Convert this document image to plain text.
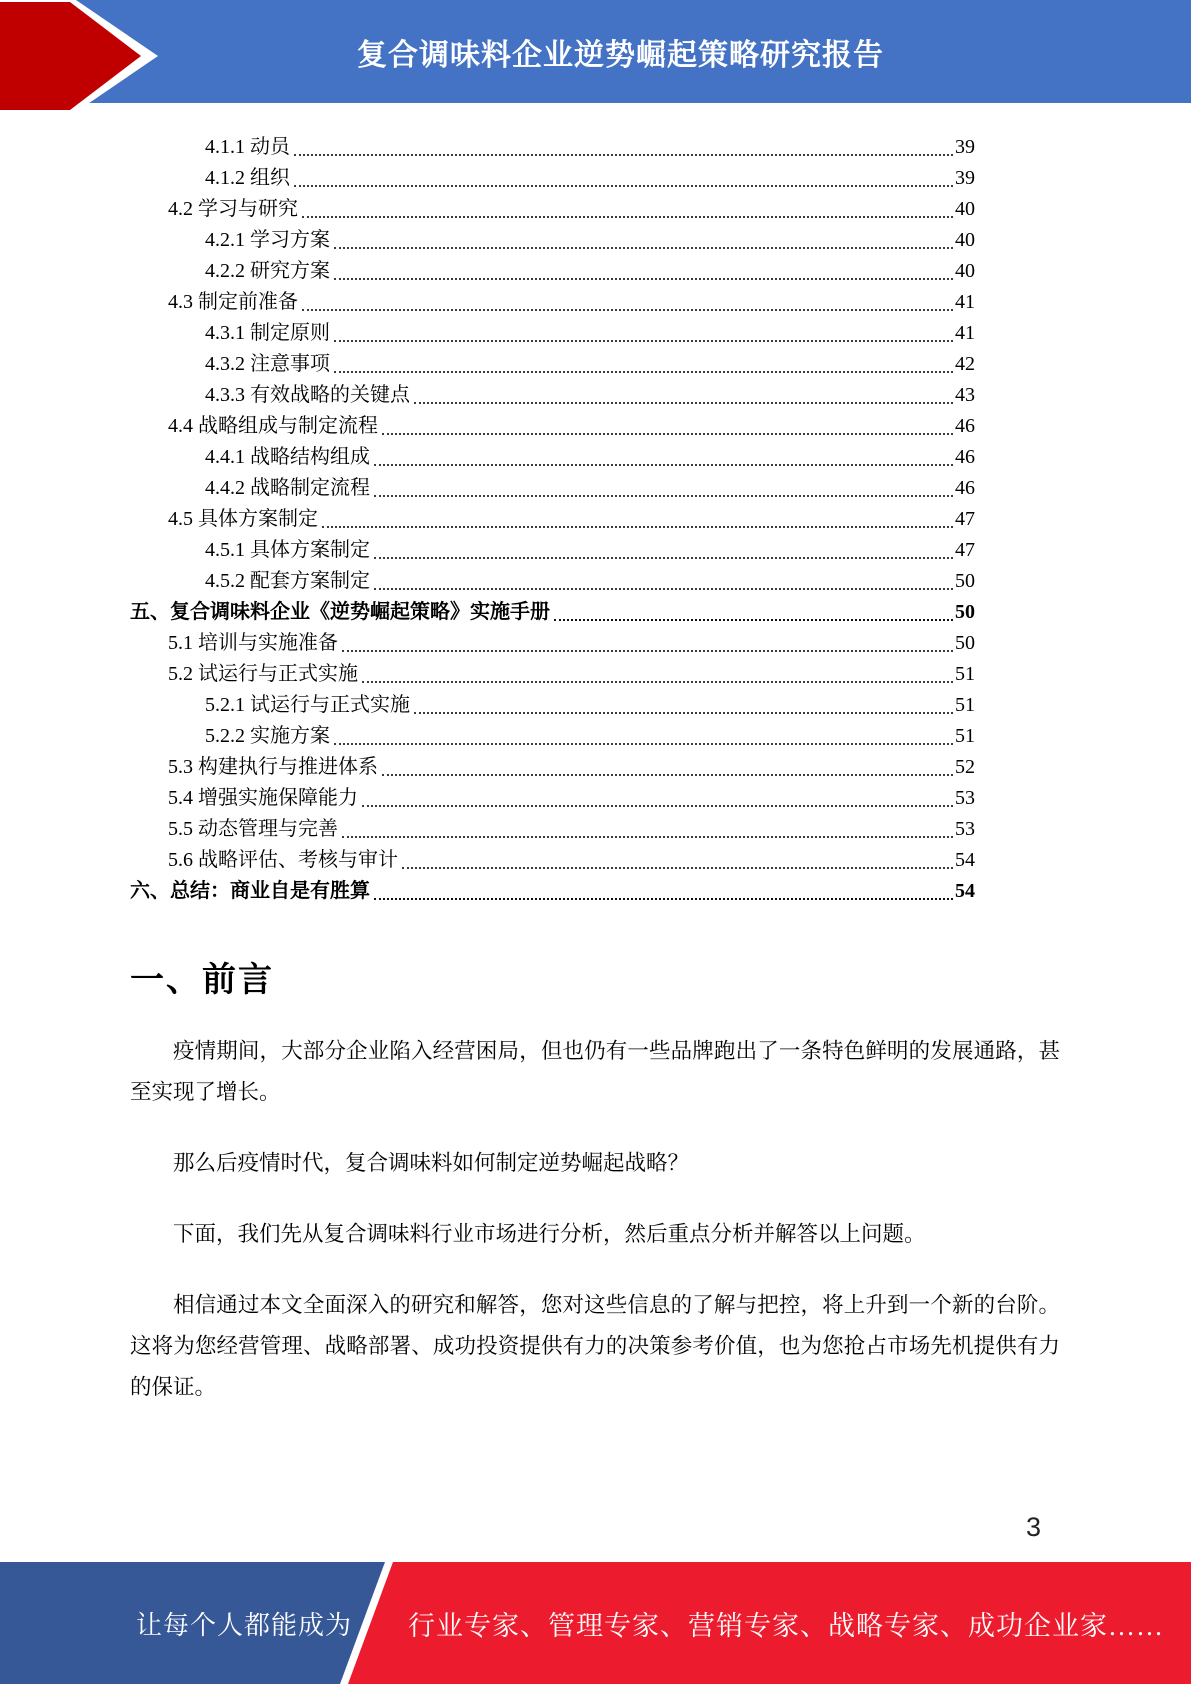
复合调味料企业逆势崛起策略研究报告
4.1.1 动员	39
4.1.2 组织	39
4.2 学习与研究	40
4.2.1 学习方案	40
4.2.2 研究方案	40
4.3 制定前准备	41
4.3.1 制定原则	41
4.3.2 注意事项	42
4.3.3 有效战略的关键点	43
4.4 战略组成与制定流程	46
4.4.1 战略结构组成	46
4.4.2 战略制定流程	46
4.5 具体方案制定	47
4.5.1 具体方案制定	47
4.5.2 配套方案制定	50
五、复合调味料企业《逆势崛起策略》实施手册	50
5.1 培训与实施准备	50
5.2 试运行与正式实施	51
5.2.1 试运行与正式实施	51
5.2.2 实施方案	51
5.3 构建执行与推进体系	52
5.4 增强实施保障能力	53
5.5 动态管理与完善	53
5.6 战略评估、考核与审计	54
六、总结：商业自是有胜算	54
一、前言

疫情期间，大部分企业陷入经营困局，但也仍有一些品牌跑出了一条特色鲜明的发展通路，甚至实现了增长。

那么后疫情时代，复合调味料如何制定逆势崛起战略？

下面，我们先从复合调味料行业市场进行分析，然后重点分析并解答以上问题。

相信通过本文全面深入的研究和解答，您对这些信息的了解与把控，将上升到一个新的台阶。这将为您经营管理、战略部署、成功投资提供有力的决策参考价值，也为您抢占市场先机提供有力的保证。

3
让每个人都能成为 行业专家、管理专家、营销专家、战略专家、成功企业家……
